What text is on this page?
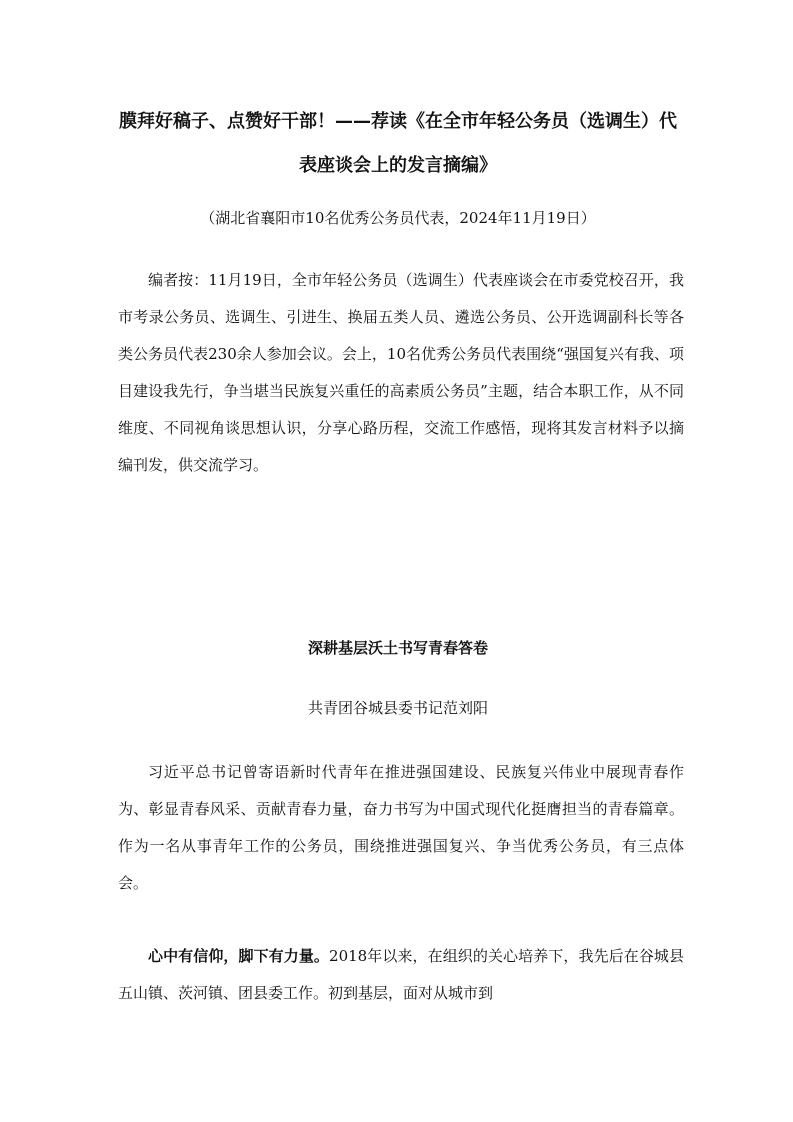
膜拜好稿子、点赞好干部！——荐读《在全市年轻公务员（选调生）代表座谈会上的发言摘编》

（湖北省襄阳市10名优秀公务员代表，2024年11月19日）

编者按：11月19日，全市年轻公务员（选调生）代表座谈会在市委党校召开，我市考录公务员、选调生、引进生、换届五类人员、遴选公务员、公开选调副科长等各类公务员代表230余人参加会议。会上，10名优秀公务员代表围绕“强国复兴有我、项目建设我先行，争当堪当民族复兴重任的高素质公务员”主题，结合本职工作，从不同维度、不同视角谈思想认识，分享心路历程，交流工作感悟，现将其发言材料予以摘编刊发，供交流学习。

深耕基层沃土书写青春答卷

共青团谷城县委书记范刘阳

习近平总书记曾寄语新时代青年在推进强国建设、民族复兴伟业中展现青春作为、彰显青春风采、贡献青春力量，奋力书写为中国式现代化挺膺担当的青春篇章。作为一名从事青年工作的公务员，围绕推进强国复兴、争当优秀公务员，有三点体会。

心中有信仰，脚下有力量。2018年以来，在组织的关心培养下，我先后在谷城县五山镇、茨河镇、团县委工作。初到基层，面对从城市到
